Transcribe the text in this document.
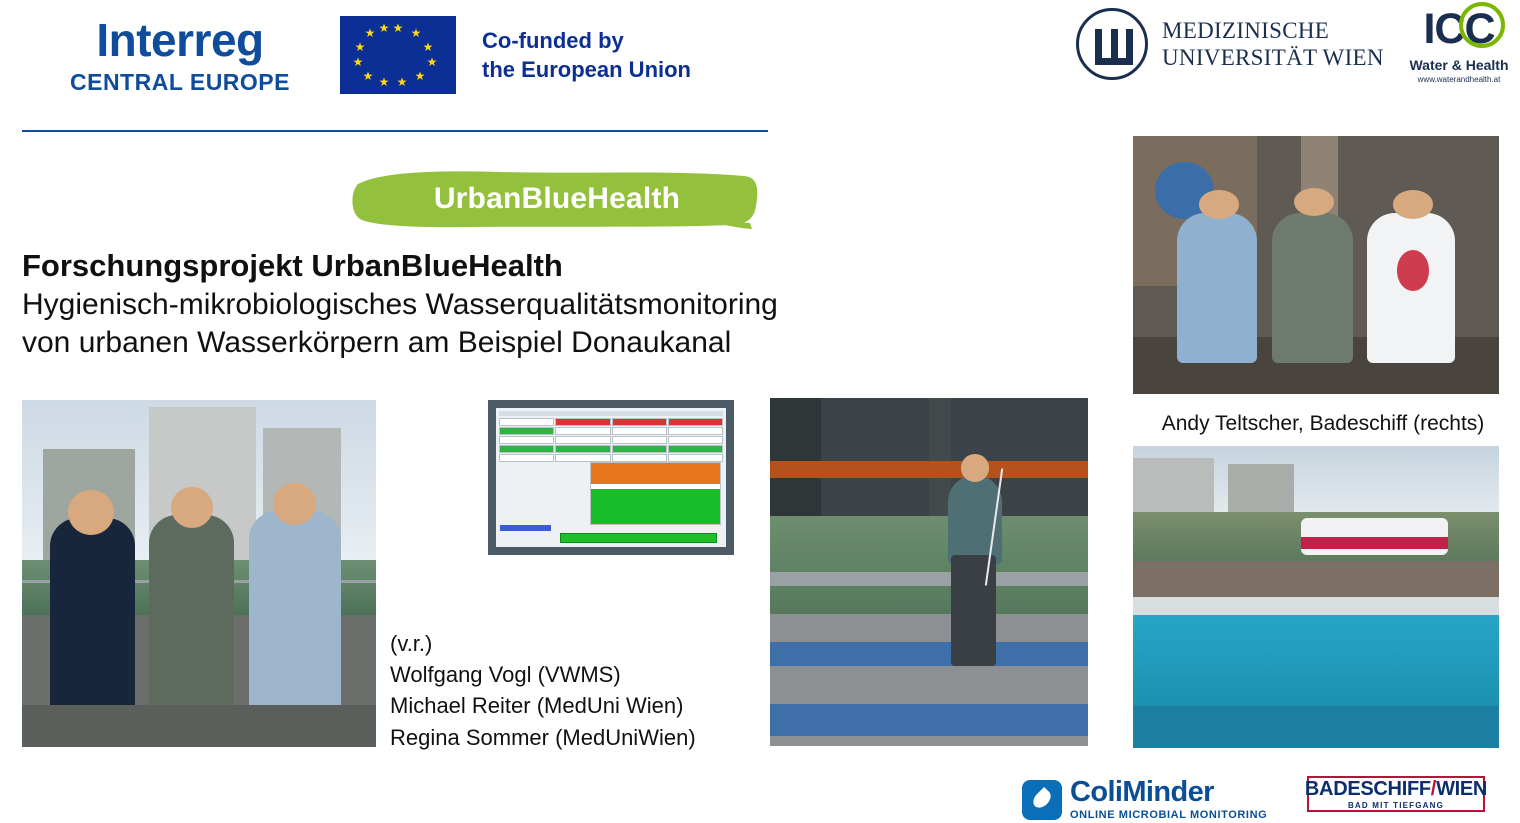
Interreg
CENTRAL EUROPE
★ ★
★
★
★
★
★
★
★
★
★ ★	Co-funded by
the European Union
MEDIZINISCHE
UNIVERSITÄT WIEN
ICC
Water & Health
www.waterandhealth.at
UrbanBlueHealth
Forschungsprojekt UrbanBlueHealth

Hygienisch-mikrobiologisches Wasserqualitätsmonitoring

von urbanen Wasserkörpern am Beispiel Donaukanal

Andy Teltscher, Badeschiff (rechts)
(v.r.)
Wolfgang Vogl (VWMS)
Michael Reiter (MedUni Wien)
Regina Sommer (MedUniWien)
ColiMinder
ONLINE MICROBIAL MONITORING
BADESCHIFF/WIEN
BAD MIT TIEFGANG
